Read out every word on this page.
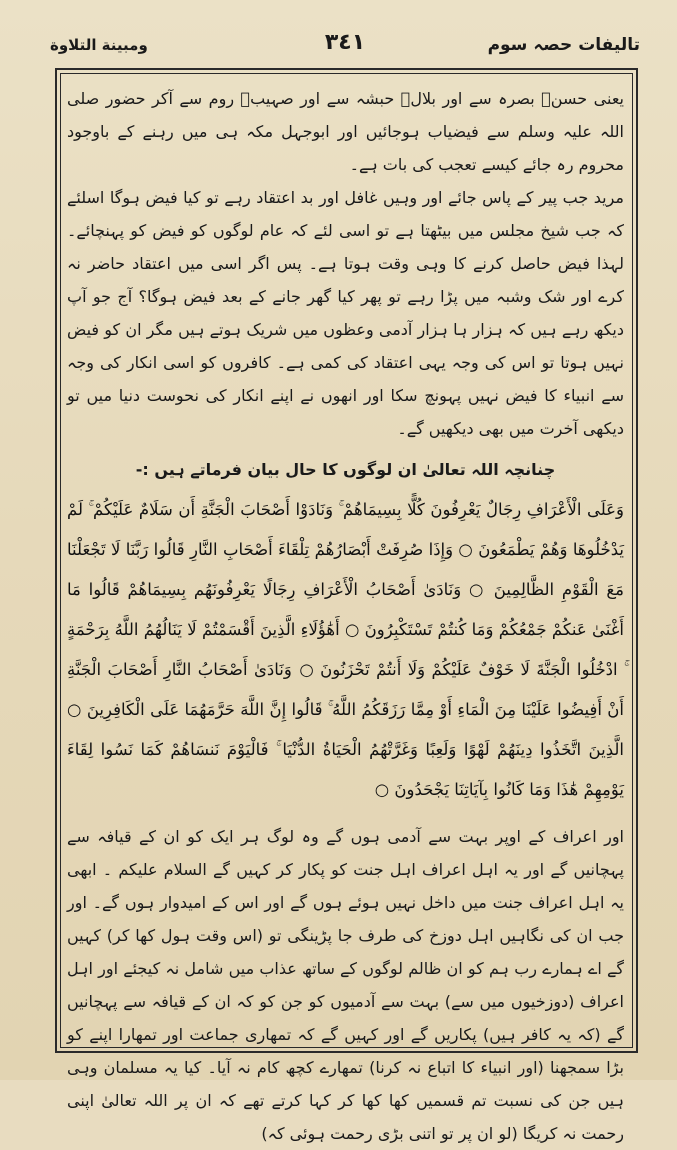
ومبينة التلاوة	٣٤١	تالیفات حصہ سوم

یعنی حسنؓ بصرہ سے اور بلالؓ حبشہ سے اور صہیبؓ روم سے آکر حضور صلی اللہ علیہ وسلم سے فیضیاب ہوجائیں اور ابوجہل مکہ ہی میں رہنے کے باوجود محروم رہ جائے کیسے تعجب کی بات ہے۔

مرید جب پیر کے پاس جائے اور وہیں غافل اور بد اعتقاد رہے تو کیا فیض ہوگا اسلئے کہ جب شیخ مجلس میں بیٹھتا ہے تو اسی لئے کہ عام لوگوں کو فیض کو پہنچائے۔ لہذا فیض حاصل کرنے کا وہی وقت ہوتا ہے۔ پس اگر اسی میں اعتقاد حاضر نہ کرے اور شک وشبہ میں پڑا رہے تو پھر کیا گھر جانے کے بعد فیض ہوگا؟ آج جو آپ دیکھ رہے ہیں کہ ہزار ہا ہزار آدمی وعظوں میں شریک ہوتے ہیں مگر ان کو فیض نہیں ہوتا تو اس کی وجہ یہی اعتقاد کی کمی ہے۔ کافروں کو اسی انکار کی وجہ سے انبیاء کا فیض نہیں پہونچ سکا اور انھوں نے اپنے انکار کی نحوست دنیا میں تو دیکھی آخرت میں بھی دیکھیں گے۔

چنانچہ اللہ تعالیٰ ان لوگوں کا حال بیان فرماتے ہیں :-

وَعَلَى الْأَعْرَافِ رِجَالٌ يَعْرِفُونَ كُلًّا بِسِيمَاهُمْ ۚ وَنَادَوْا أَصْحَابَ الْجَنَّةِ أَن سَلَامٌ عَلَيْكُمْ ۚ لَمْ يَدْخُلُوهَا وَهُمْ يَطْمَعُونَ ○ وَإِذَا صُرِفَتْ أَبْصَارُهُمْ تِلْقَاءَ أَصْحَابِ النَّارِ قَالُوا رَبَّنَا لَا تَجْعَلْنَا مَعَ الْقَوْمِ الظَّالِمِينَ ○ وَنَادَىٰ أَصْحَابُ الْأَعْرَافِ رِجَالًا يَعْرِفُونَهُم بِسِيمَاهُمْ قَالُوا مَا أَغْنَىٰ عَنكُمْ جَمْعُكُمْ وَمَا كُنتُمْ تَسْتَكْبِرُونَ ○ أَهَٰؤُلَاءِ الَّذِينَ أَقْسَمْتُمْ لَا يَنَالُهُمُ اللَّهُ بِرَحْمَةٍ ۚ ادْخُلُوا الْجَنَّةَ لَا خَوْفٌ عَلَيْكُمْ وَلَا أَنتُمْ تَحْزَنُونَ ○ وَنَادَىٰ أَصْحَابُ النَّارِ أَصْحَابَ الْجَنَّةِ أَنْ أَفِيضُوا عَلَيْنَا مِنَ الْمَاءِ أَوْ مِمَّا رَزَقَكُمُ اللَّهُ ۚ قَالُوا إِنَّ اللَّهَ حَرَّمَهُمَا عَلَى الْكَافِرِينَ ○ الَّذِينَ اتَّخَذُوا دِينَهُمْ لَهْوًا وَلَعِبًا وَغَرَّتْهُمُ الْحَيَاةُ الدُّنْيَا ۚ فَالْيَوْمَ نَنسَاهُمْ كَمَا نَسُوا لِقَاءَ يَوْمِهِمْ هَٰذَا وَمَا كَانُوا بِآيَاتِنَا يَجْحَدُونَ ○

اور اعراف کے اوپر بہت سے آدمی ہوں گے وہ لوگ ہر ایک کو ان کے قیافہ سے پہچانیں گے اور یہ اہل اعراف اہل جنت کو پکار کر کہیں گے السلام علیکم ۔ ابھی یہ اہل اعراف جنت میں داخل نہیں ہوئے ہوں گے اور اس کے امیدوار ہوں گے۔ اور جب ان کی نگاہیں اہل دوزخ کی طرف جا پڑینگی تو (اس وقت ہول کھا کر) کہیں گے اے ہمارے رب ہم کو ان ظالم لوگوں کے ساتھ عذاب میں شامل نہ کیجئے اور اہل اعراف (دوزخیوں میں سے) بہت سے آدمیوں کو جن کو کہ ان کے قیافہ سے پہچانیں گے (کہ یہ کافر ہیں) پکاریں گے اور کہیں گے کہ تمھاری جماعت اور تمھارا اپنے کو بڑا سمجھنا (اور انبیاء کا اتباع نہ کرنا) تمھارے کچھ کام نہ آیا۔ کیا یہ مسلمان وہی ہیں جن کی نسبت تم قسمیں کھا کھا کر کہا کرتے تھے کہ ان پر اللہ تعالیٰ اپنی رحمت نہ کریگا (لو ان پر تو اتنی بڑی رحمت ہوئی کہ)
